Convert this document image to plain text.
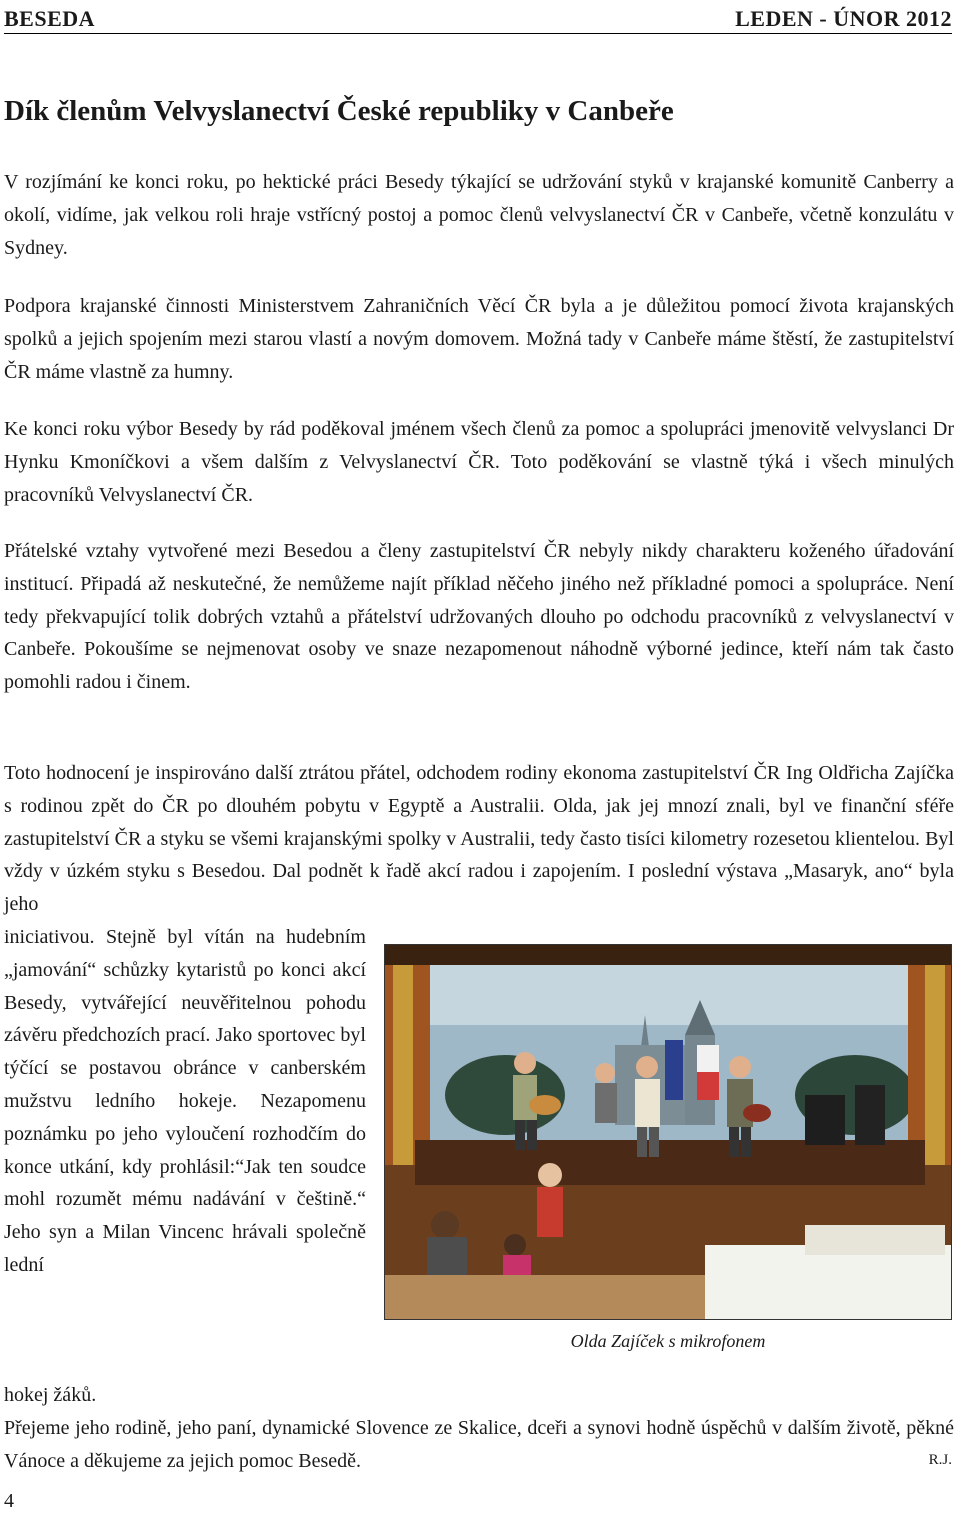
BESEDA	LEDEN - ÚNOR 2012
Dík členům Velvyslanectví České republiky v Canbeře

V rozjímání ke konci roku, po hektické práci Besedy týkající se udržování styků v krajanské komunitě Canberry a okolí, vidíme, jak velkou roli hraje vstřícný postoj a pomoc členů velvyslanectví ČR v Canbeře, včetně konzulátu v Sydney.

Podpora krajanské činnosti Ministerstvem Zahraničních Věcí ČR byla a je důležitou pomocí života krajanských spolků a jejich spojením mezi starou vlastí a novým domovem. Možná tady v Canbeře máme štěstí, že zastupitelství ČR máme vlastně za humny.

Ke konci roku výbor Besedy by rád poděkoval jménem všech členů za pomoc a spolupráci jmenovitě velvyslanci Dr Hynku Kmoníčkovi a všem dalším z Velvyslanectví ČR. Toto poděkování se vlastně týká i všech minulých pracovníků Velvyslanectví ČR.

Přátelské vztahy vytvořené mezi Besedou a členy zastupitelství ČR nebyly nikdy charakteru koženého úřadování institucí. Připadá až neskutečné, že nemůžeme najít příklad něčeho jiného než příkladné pomoci a spolupráce. Není tedy překvapující tolik dobrých vztahů a přátelství udržovaných dlouho po odchodu pracovníků z velvyslanectví v Canbeře. Pokoušíme se nejmenovat osoby ve snaze nezapomenout náhodně výborné jedince, kteří nám tak často pomohli radou i činem.

Toto hodnocení je inspirováno další ztrátou přátel, odchodem rodiny ekonoma zastupitelství ČR Ing Oldřicha Zajíčka s rodinou zpět do ČR po dlouhém pobytu v Egyptě a Australii. Olda, jak jej mnozí znali, byl ve finanční sféře zastupitelství ČR a styku se všemi krajanskými spolky v Australii, tedy často tisíci kilometry rozesetou klientelou. Byl vždy v úzkém styku s Besedou. Dal podnět k řadě akcí radou i zapojením. I poslední výstava „Masaryk, ano“ byla jeho

iniciativou. Stejně byl vítán na hudebním „jamování“ schůzky kytaristů po konci akcí Besedy, vytvářející neuvěřitelnou pohodu závěru předchozích prací. Jako sportovec byl týčící se postavou obránce v canberském mužstvu ledního hokeje. Nezapomenu poznámku po jeho vyloučení rozhodčím do konce utkání, kdy prohlásil:“Jak ten soudce mohl rozumět mému nadávání v češtině.“ Jeho syn a Milan Vincenc hrávali společně lední

hokej žáků.

Olda Zajíček s mikrofonem

Přejeme jeho rodině, jeho paní, dynamické Slovence ze Skalice, dceři a synovi hodně úspěchů v dalším životě, pěkné Vánoce a děkujeme za jejich pomoc Besedě.	R.J.
4
